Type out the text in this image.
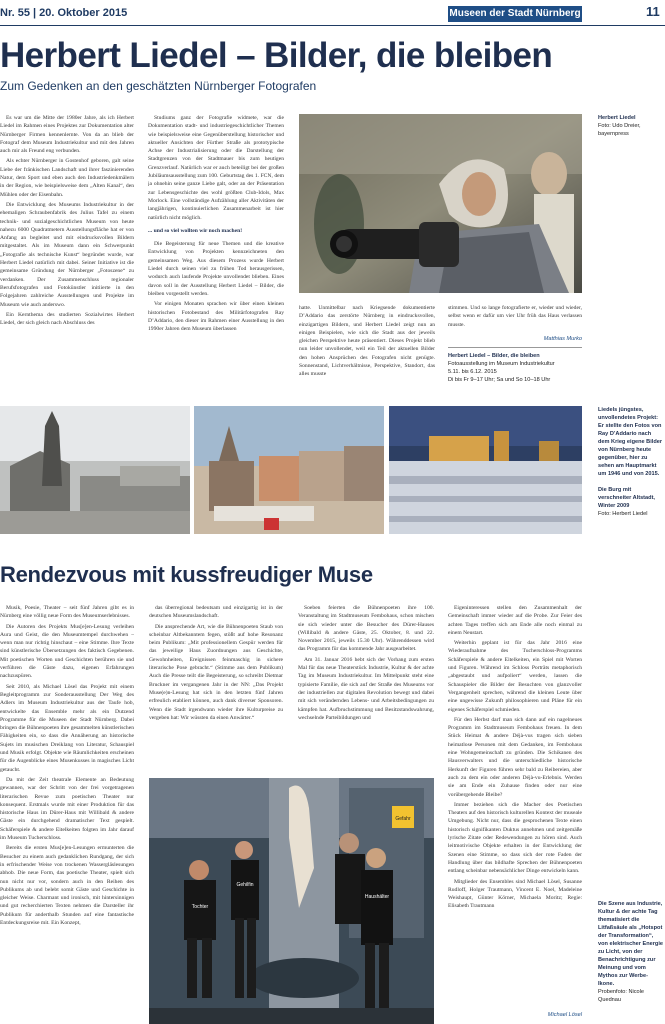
Nr. 55 | 20. Oktober 2015	Museen der Stadt Nürnberg	11
Herbert Liedel – Bilder, die bleiben
Zum Gedenken an den geschätzten Nürnberger Fotografen

Es war um die Mitte der 1980er Jahre, als ich Herbert Liedel im Rahmen eines Projektes zur Dokumentation alter Nürnberger Firmen kennenlernte. Von da an blieb der Fotograf dem Museum Industriekultur und mit den Jahren auch mir als Freund eng verbunden.

Als echter Nürnberger in Gostenhof geboren, galt seine Liebe der fränkischen Landschaft und ihrer faszinierenden Natur, dem Sport und eben auch den Industriedenkmälern in der Region, wie beispielsweise dem „Alten Kanal“, den Mühlen oder der Eisenbahn.

Die Entwicklung des Museums Industriekultur in der ehemaligen Schraubenfabrik des Julius Tafel zu einem technik- und sozialgeschichtlichen Museum von heute nahezu 6000 Quadratmetern Ausstellungsfläche hat er von Anfang an begleitet und mit eindrucksvollen Bildern mitgestaltet. Als im Museum dann ein Schwerpunkt „Fotografie als technische Kunst“ begründet wurde, war Herbert Liedel natürlich mit dabei. Seiner Initiative ist die gemeinsame Gründung der Nürnberger „Fotoszene“ zu verdanken. Der Zusammenschluss regionaler Berufsfotografen und Fotokünstler initiierte in den Folgejahren zahlreiche Ausstellungen und Projekte im Museum wie auch anderswo.

Ein Kernthema des studierten Sozialwirtes Herbert Liedel, der sich gleich nach Abschluss des

Studiums ganz der Fotografie widmete, war die Dokumentation stadt- und industriegeschichtlicher Themen wie beispielsweise eine Gegenüberstellung historischer und aktueller Ansichten der Fürther Straße als prototypische Achse der Industrialisierung oder die Darstellung der Stadtgrenzen von der Stadtmauer bis zum heutigen Grenzverlauf. Natürlich war er auch beteiligt bei der großen Jubiläumsausstellung zum 100. Geburtstag des 1. FCN, dem ja ohnehin seine ganze Liebe galt, oder an der Präsentation zur Lebensgeschichte des wohl größten Club-Idols, Max Morlock. Eine vollständige Aufzählung aller Aktivitäten der langjährigen, kontinuierlichen Zusammenarbeit ist hier natürlich nicht möglich.

... und so viel wollten wir noch machen!

Die Begeisterung für neue Themen und die kreative Entwicklung von Projekten kennzeichneten den gemeinsamen Weg. Aus diesem Prozess wurde Herbert Liedel durch seinen viel zu frühen Tod herausgerissen, wodurch auch laufende Projekte unvollendet blieben. Eines davon soll in der Ausstellung Herbert Liedel – Bilder, die bleiben vorgestellt werden.

Vor einigen Monaten sprachen wir über einen kleinen historischen Fotobestand des Militärfotografen Ray D’Addario, den dieser im Rahmen einer Ausstellung in den 1990er Jahren dem Museum überlassen

Herbert Liedel
Foto: Udo Dreier,
bayernpress

hatte. Unmittelbar nach Kriegsende dokumentierte D’Addario das zerstörte Nürnberg in eindrucksvollen, einzigartigen Bildern, und Herbert Liedel zeigt nun an einigen Beispielen, wie sich die Stadt aus der jeweils gleichen Perspektive heute präsentiert. Dieses Projekt blieb nun leider unvollendet, weil ein Teil der aktuellen Bilder den hohen Ansprüchen des Fotografen nicht genügte. Sonnenstand, Lichtverhältnisse, Perspektive, Standort, das alles musste

stimmen. Und so lange fotografierte er, wieder und wieder, selbst wenn er dafür um vier Uhr früh das Haus verlassen musste.

Matthias Murko
Herbert Liedel – Bilder, die bleiben
Fotoausstellung im Museum Industriekultur
5.11. bis 6.12. 2015
Di bis Fr 9–17 Uhr; Sa und So 10–18 Uhr
Liedels jüngstes, unvollendetes Projekt: Er stellte den Fotos von Ray D’Addario nach dem Krieg eigene Bilder von Nürnberg heute gegenüber, hier zu sehen am Hauptmarkt um 1946 und von 2015.

Die Burg mit verschneiter Altstadt, Winter 2009
Foto: Herbert Liedel
Rendezvous mit kussfreudiger Muse

Musik, Poesie, Theater – seit fünf Jahren gibt es in Nürnberg eine völlig neue Form des Museumserlebnisses.

Die Autoren des Projekts Mus[e]en-Lesung verleihen Aura und Geist, die den Museumtempel durchwehen – wenn man nur richtig hinschaut – eine Stimme. Ihre Texte sind künstlerische Übersetzungen des faktisch Gegebenen. Mit poetischen Worten und Geschichten berühren sie und verführen die Gäste dazu, eigenen Erfahrungen nachzuspüren.

Seit 2010, als Michael Lösel das Projekt mit einem Begleitprogramm zur Sonderausstellung Der Weg des Adlers im Museum Industriekultur aus der Taufe hob, entwickelte das Ensemble mehr als ein Dutzend Programme für die Museen der Stadt Nürnberg. Dabei bringen die Bühnenpoeten ihre gesammelten künstlerischen Fähigkeiten ein, so dass die Annäherung an historische Sujets im musischen Dreiklang von Literatur, Schauspiel und Musik erfolgt. Objekte wie Räumlichkeiten erscheinen für die Augenblicke eines Musenkusses in magisches Licht getaucht.

Da mit der Zeit theatrale Elemente an Bedeutung gewannen, war der Schritt von der frei vorgetragenen literarischen Revue zum poetischen Theater nur konsequent. Erstmals wurde mit einer Produktion für das historische Haus im Dürer-Haus mit Willibald & andere Gäste ein durchgehend dramatischer Text gespielt. Schäferspiele & andere Eitelkeiten folgten im Jahr darauf im Museum Tucherschloss.

Bereits die ersten Mus[e]en-Lesungen ermunterten die Besucher zu einem auch gedanklichen Rundgang, der sich in erfrischender Weise von trockenen Wassergläslesungen abhob. Die neue Form, das poetische Theater, spielt sich nun nicht nur vor, sondern auch in den Reihen des Publikums ab und belebt somit Gäste und Geschichte in gleicher Weise. Charmant und ironisch, mit hintersinnigen und gut recherchierten Texten nehmen die Darsteller ihr Publikum für anderthalb Stunden auf eine fantastische Entdeckungsreise mit. Ein Konzept,

das überregional bedeutsam und einzigartig ist in der deutschen Museumslandschaft.

Die ansprechende Art, wie die Bühnenpoeten Staub von scheinbar Altbekanntem fegen, stößt auf hohe Resonanz beim Publikum: „Mit professionellem Gespür werden für das jeweilige Haus Zuordnungen aus Geschichte, Gewohnheiten, Ereignissen feinmaschig in sichere literarische Pose gebracht.“ (Stimme aus dem Publikum) Auch die Presse teilt die Begeisterung, so schreibt Dietmar Bruckner im vergangenen Jahr in der NN: „Das Projekt Muse(e)n-Lesung hat sich in den letzten fünf Jahren erfreulich etabliert können, auch dank diverser Sponsoren. Wenn die Stadt irgendwann wieder ihre Kulturpreise zu vergeben hat: Wir wüssten da einen Anwärter.“

Soeben feierten die Bühnenpoeten ihre 100. Veranstaltung im Stadtmuseum Fembohaus, schon mischen sie sich wieder unter die Besucher des Dürer-Hauses (Willibald & andere Gäste, 25. Oktober, 8. und 22. November 2015, jeweils 15.30 Uhr). Währenddessen wird das Programm für das kommende Jahr ausgearbeitet.

Am 31. Januar 2016 hebt sich der Vorhang zum ersten Mal für das neue Theaterstück Industrie, Kultur & der achte Tag im Museum Industriekultur. Im Mittelpunkt steht eine typisierte Familie, die sich auf der Straße des Museums vor der industriellen zur digitalen Revolution bewegt und dabei mit sich verändernden Lebens- und Arbeitsbedingungen zu kämpfen hat. Aufbruchstimmung und Besitzstandswahrung, wechselnde Parteibildungen und

Eigeninteressen stellen den Zusammenhalt der Gemeinschaft immer wieder auf die Probe. Zur Feier des achten Tages treffen sich am Ende alle noch einmal zu einem Neustart.

Weiterhin geplant ist für das Jahr 2016 eine Wiederaufnahme des Tucherschloss-Programms Schäferspiele & andere Eitelkeiten, ein Spiel mit Worten und Figuren. Während im Schloss Porträts metaphorisch „abgestaubt und aufpoliert“ werden, lassen die Schauspieler die Bilder der Besuchten von glanzvoller Vergangenheit sprechen, während die kleinen Leute über eine ungewisse Zukunft philosophieren und Pläne für ein eigenes Schäferspiel schmieden.

Für den Herbst darf man sich dann auf ein nagelneues Programm im Stadtmuseum Fembohaus freuen. In dem Stück Heimat & andere Déjà-vus tragen sich sieben heimatlose Personen mit dem Gedanken, im Fembohaus eine Wohngemeinschaft zu gründen. Die Schikanen des Hausverwalters und die unterschiedliche historische Herkunft der Figuren führen sehr bald zu Reibereien, aber auch zu dem ein oder anderen Déjà-vu-Erlebnis. Werden sie am Ende ein Zuhause finden oder nur eine vorübergehende Bleibe?

Immer beziehen sich die Macher des Poetischen Theaters auf den historisch kulturellen Kontext der museale Umgebung. Nicht nur, dass die gesprochenen Texte einen historisch signifikanten Duktus annehmen und zeitgemäße lyrische Zitate oder Redewendungen zu hören sind. Auch leitmotivische Objekte erhalten in der Entwicklung der Szenen eine Stimme, so dass sich der rote Faden der Handlung über das bildhafte Sprechen der Bühnenpoeten entlang scheinbar nebensächlicher Dinge entwickeln kann.

Mitglieder des Ensembles sind Michael Lösel, Susanne Rudloff, Holger Trautmann, Vincent E. Noel, Madeleine Weishaupt, Günter Körner, Michaela Moritz; Regie: Elisabeth Trautmann

Michael Lösel
Gefahr
Tochter
Gehilfin
Haushälter
Die Szene aus Industrie, Kultur & der achte Tag thematisiert die Litfaßsäule als „Hotspot der Transformation“, von elektrischer Energie zu Licht, von der Benachrichtigung zur Meinung und vom Mythos zur Werbe-Ikone.
Probenfoto: Nicole Quednau
